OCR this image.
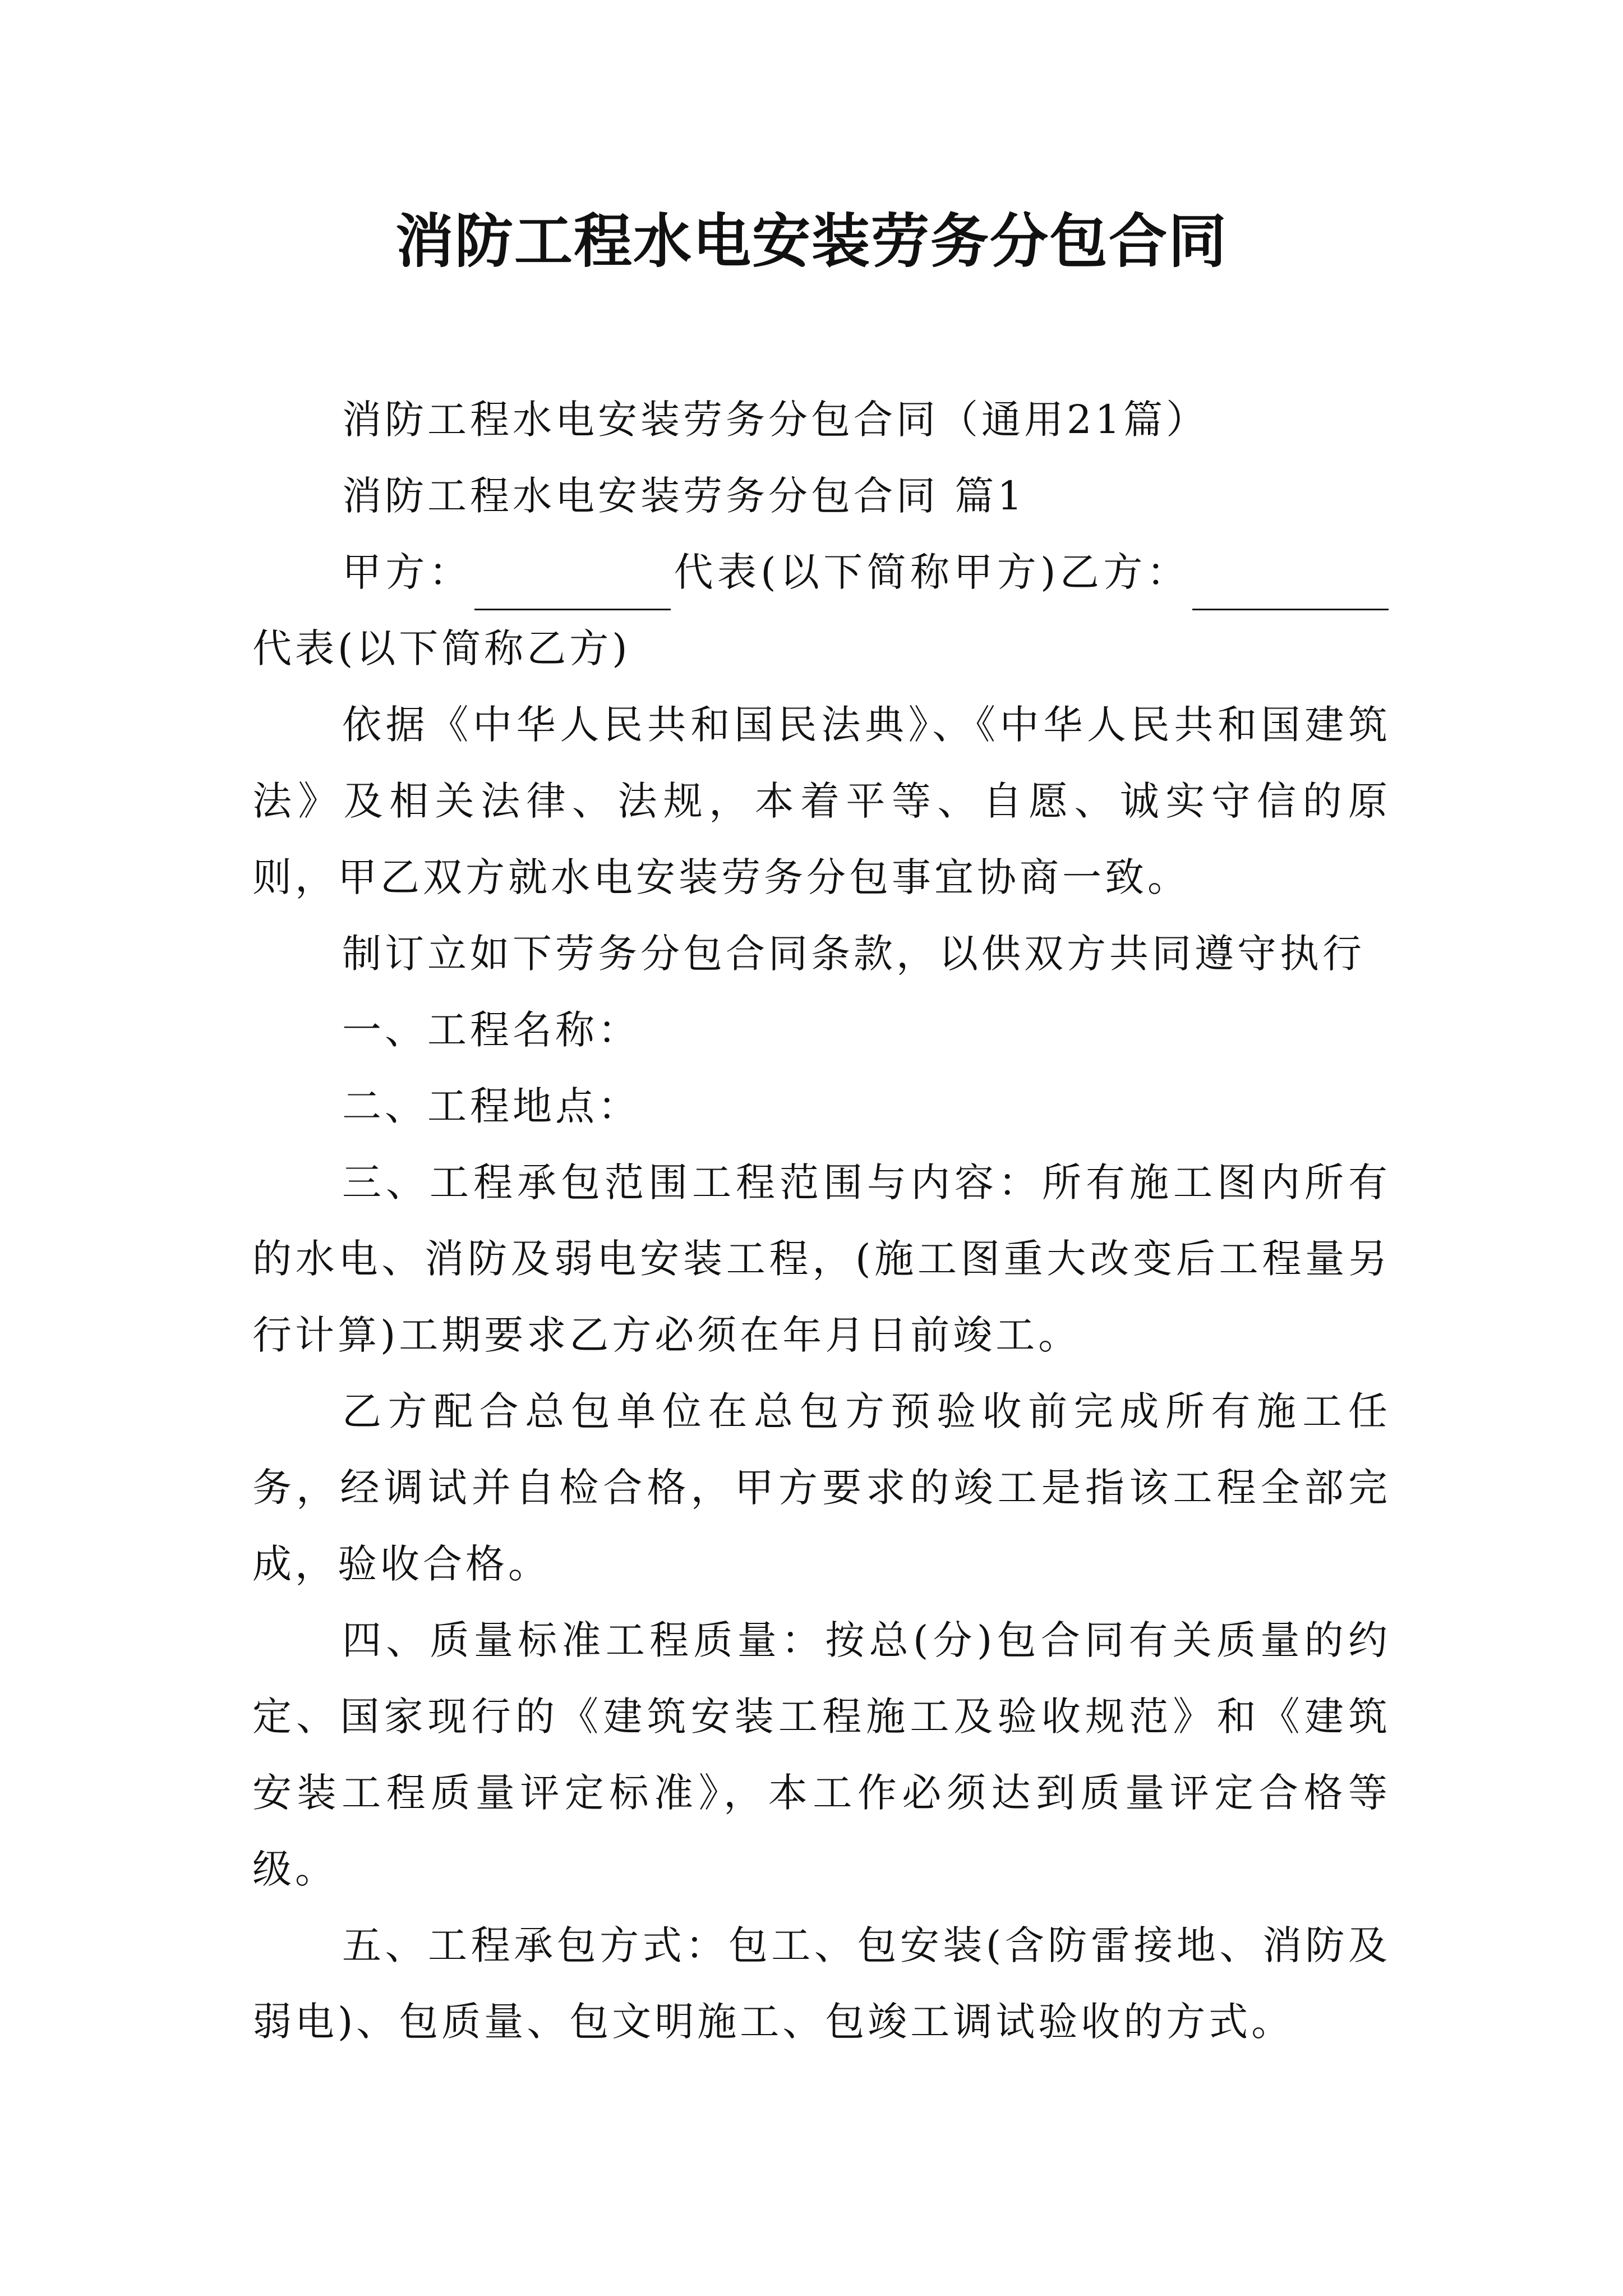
消防工程水电安装劳务分包合同

消防工程水电安装劳务分包合同（通用21篇）

消防工程水电安装劳务分包合同 篇1

甲方：	代表(以下简称甲方)乙方：代表(以下简称乙方)

依据《中华人民共和国民法典》、《中华人民共和国建筑法》及相关法律、法规，本着平等、自愿、诚实守信的原则，甲乙双方就水电安装劳务分包事宜协商一致。

制订立如下劳务分包合同条款，以供双方共同遵守执行

一、工程名称：

二、工程地点：

三、工程承包范围工程范围与内容：所有施工图内所有的水电、消防及弱电安装工程，(施工图重大改变后工程量另行计算)工期要求乙方必须在年月日前竣工。

乙方配合总包单位在总包方预验收前完成所有施工任务，经调试并自检合格，甲方要求的竣工是指该工程全部完成，验收合格。

四、质量标准工程质量：按总(分)包合同有关质量的约定、国家现行的《建筑安装工程施工及验收规范》和《建筑安装工程质量评定标准》，本工作必须达到质量评定合格等级。

五、工程承包方式：包工、包安装(含防雷接地、消防及弱电)、包质量、包文明施工、包竣工调试验收的方式。
